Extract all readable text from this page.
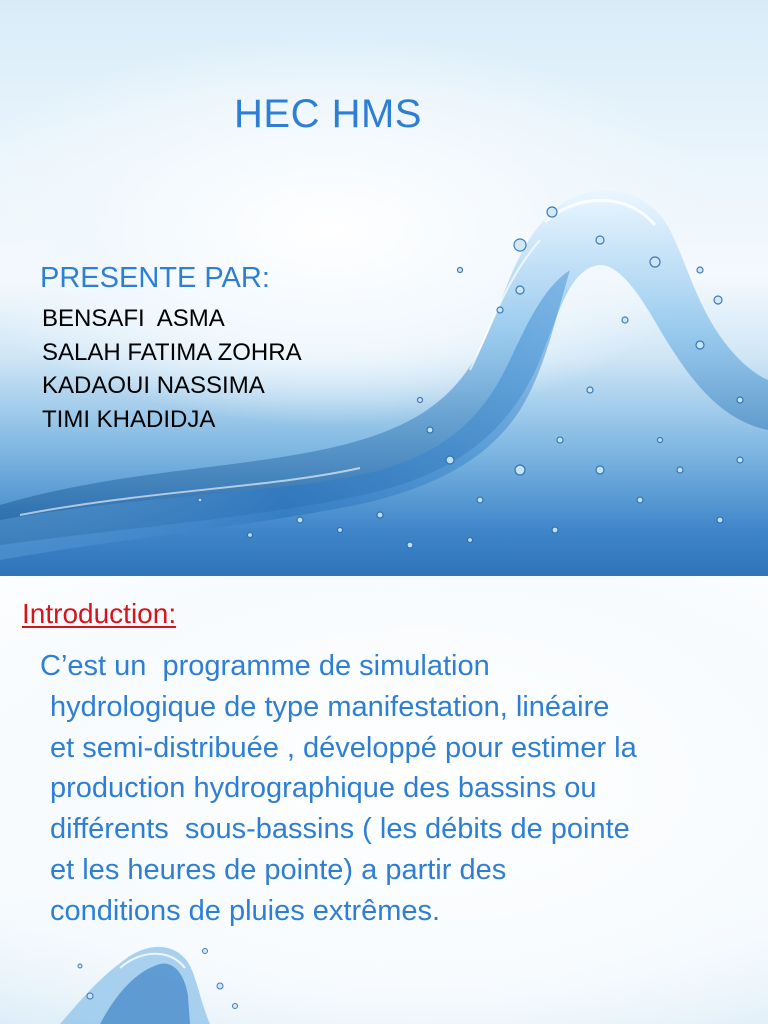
HEC HMS
PRESENTE PAR:
BENSAFI  ASMA
SALAH FATIMA ZOHRA
KADAOUI NASSIMA
TIMI KHADIDJA
Introduction:

C’est un  programme de simulation
hydrologique de type manifestation, linéaire
et semi-distribuée , développé pour estimer la
production hydrographique des bassins ou
différents  sous-bassins ( les débits de pointe
et les heures de pointe) a partir des
conditions de pluies extrêmes.
